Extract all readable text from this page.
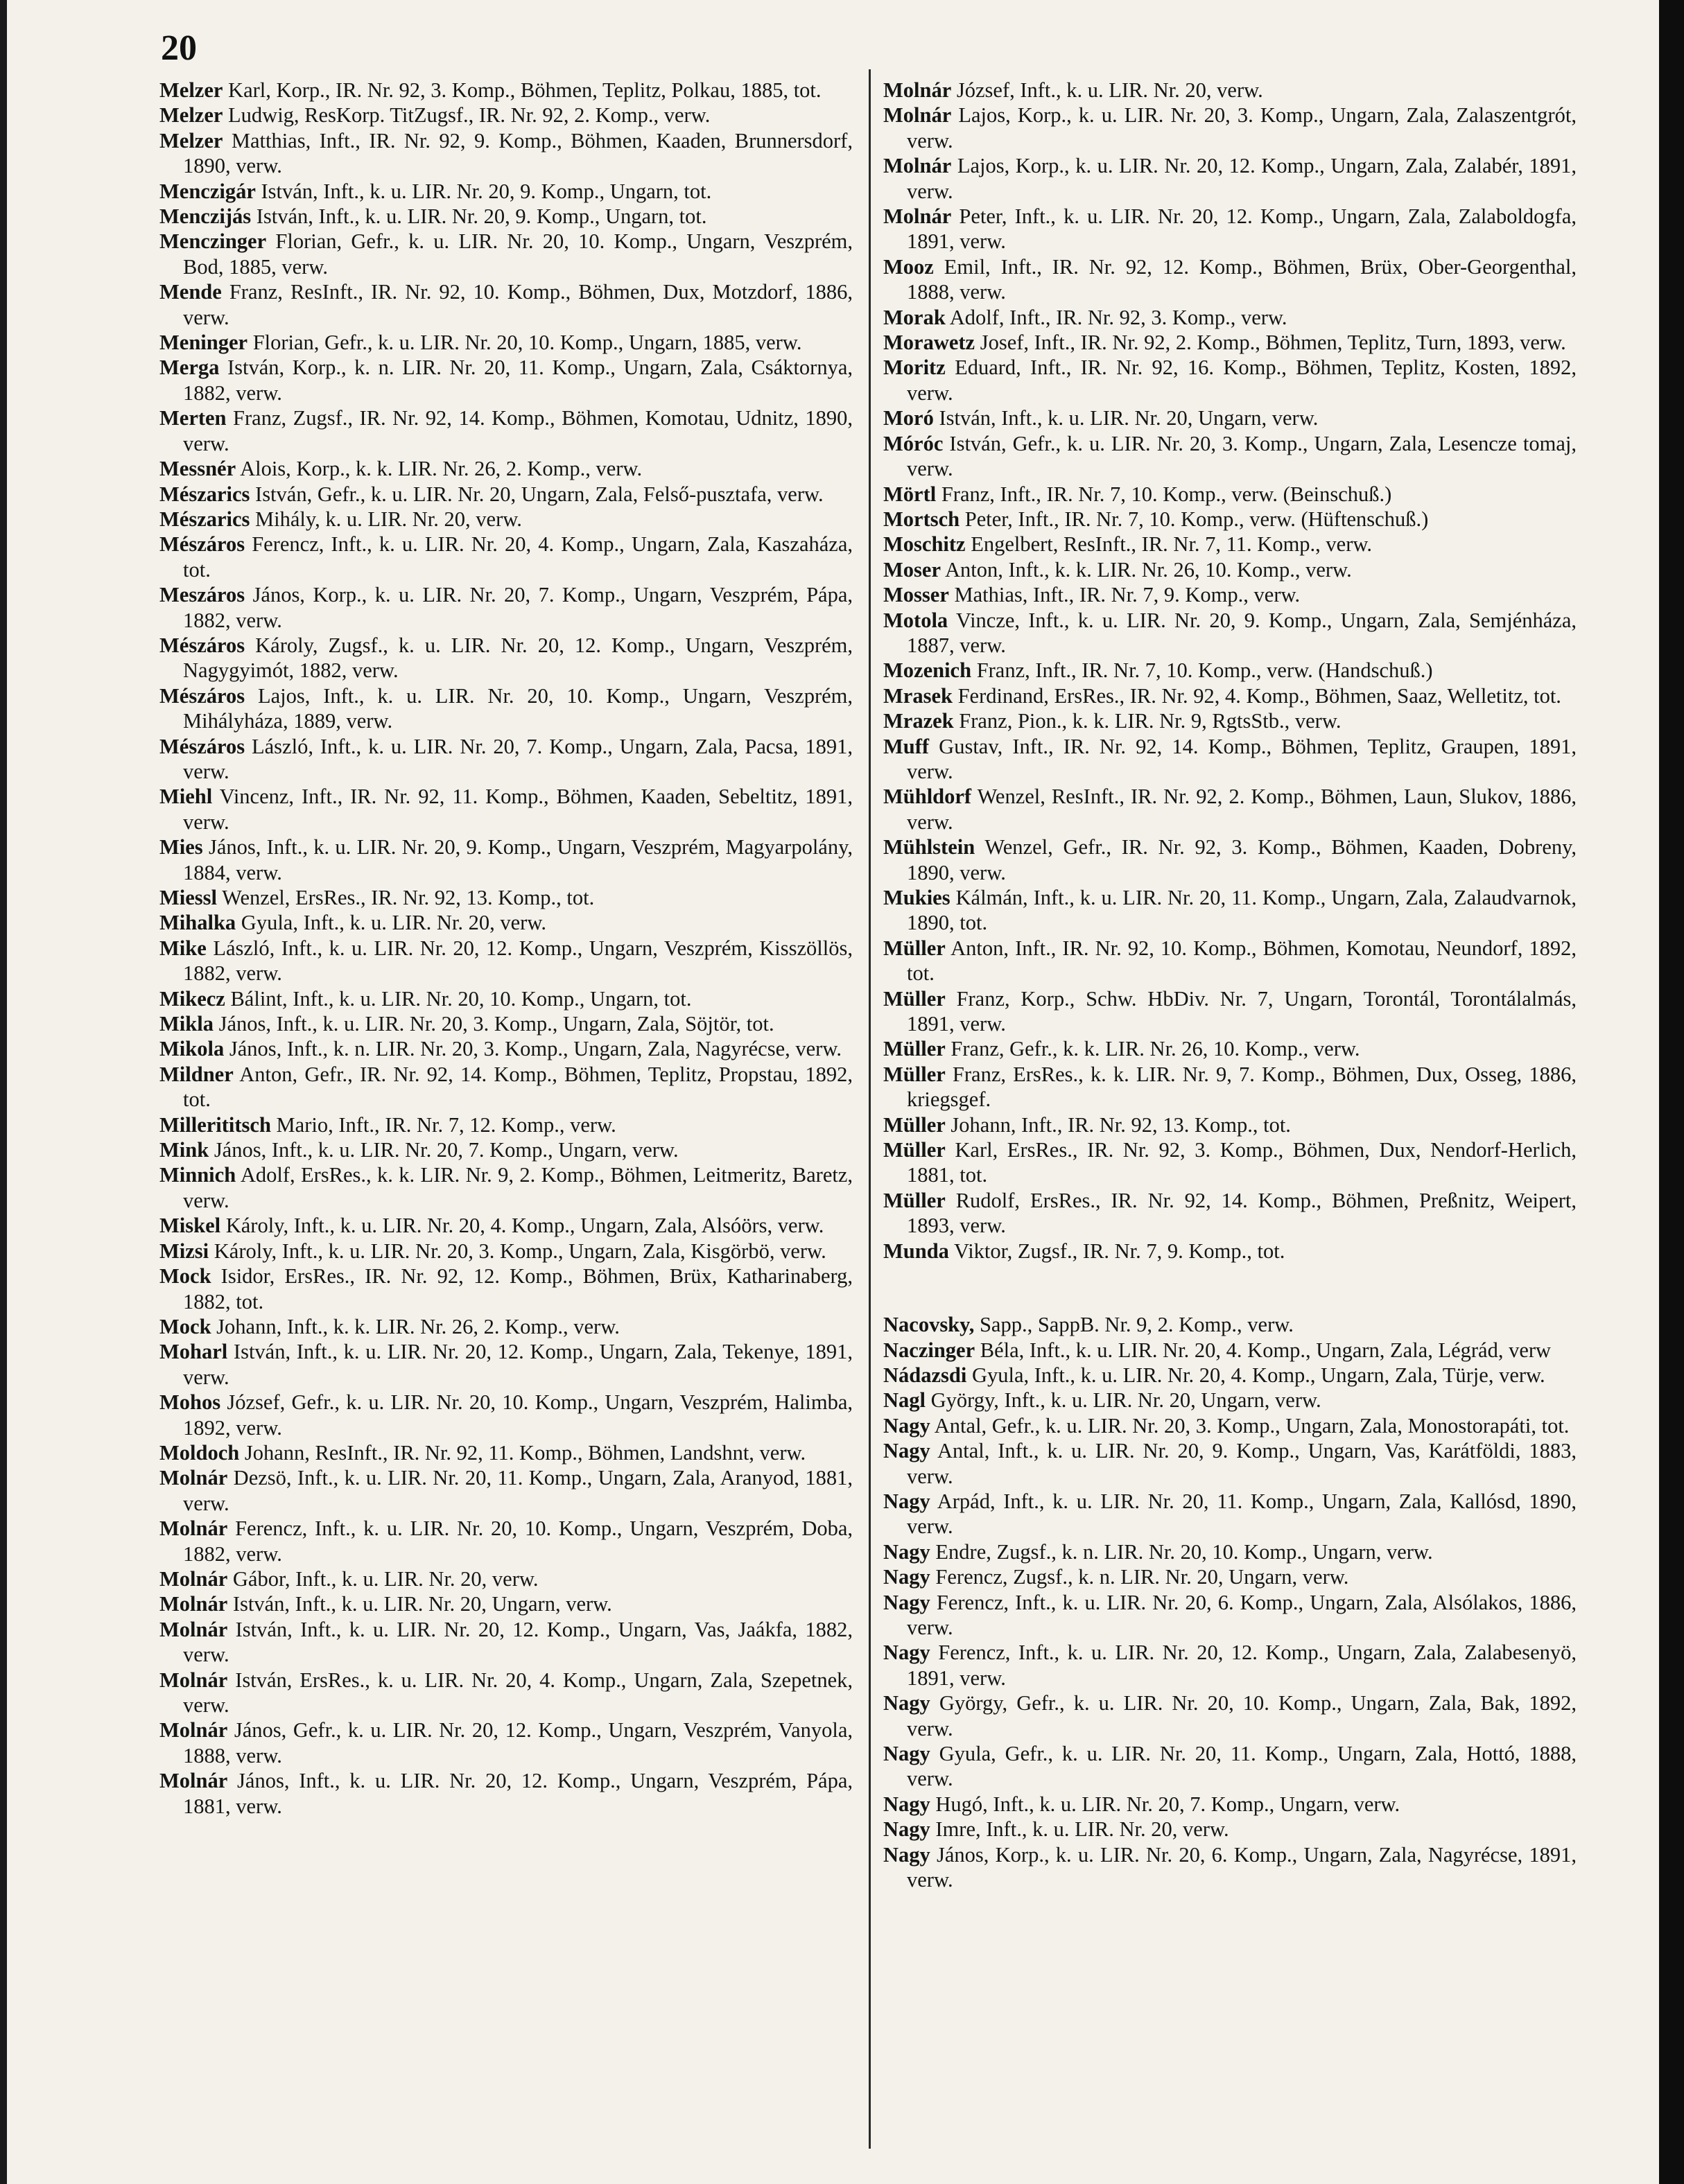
20

Melzer Karl, Korp., IR. Nr. 92, 3. Komp., Böhmen, Teplitz, Polkau, 1885, tot.

Melzer Ludwig, ResKorp. TitZugsf., IR. Nr. 92, 2. Komp., verw.

Melzer Matthias, Inft., IR. Nr. 92, 9. Komp., Böhmen, Kaaden, Brunnersdorf, 1890, verw.

Menczigár István, Inft., k. u. LIR. Nr. 20, 9. Komp., Ungarn, tot.

Menczijás István, Inft., k. u. LIR. Nr. 20, 9. Komp., Ungarn, tot.

Menczinger Florian, Gefr., k. u. LIR. Nr. 20, 10. Komp., Ungarn, Veszprém, Bod, 1885, verw.

Mende Franz, ResInft., IR. Nr. 92, 10. Komp., Böhmen, Dux, Motzdorf, 1886, verw.

Meninger Florian, Gefr., k. u. LIR. Nr. 20, 10. Komp., Ungarn, 1885, verw.

Merga István, Korp., k. n. LIR. Nr. 20, 11. Komp., Ungarn, Zala, Csáktornya, 1882, verw.

Merten Franz, Zugsf., IR. Nr. 92, 14. Komp., Böhmen, Komotau, Udnitz, 1890, verw.

Messnér Alois, Korp., k. k. LIR. Nr. 26, 2. Komp., verw.

Mészarics István, Gefr., k. u. LIR. Nr. 20, Ungarn, Zala, Felső-pusztafa, verw.

Mészarics Mihály, k. u. LIR. Nr. 20, verw.

Mészáros Ferencz, Inft., k. u. LIR. Nr. 20, 4. Komp., Ungarn, Zala, Kaszaháza, tot.

Meszáros János, Korp., k. u. LIR. Nr. 20, 7. Komp., Ungarn, Veszprém, Pápa, 1882, verw.

Mészáros Károly, Zugsf., k. u. LIR. Nr. 20, 12. Komp., Ungarn, Veszprém, Nagygyimót, 1882, verw.

Mészáros Lajos, Inft., k. u. LIR. Nr. 20, 10. Komp., Ungarn, Veszprém, Mihályháza, 1889, verw.

Mészáros László, Inft., k. u. LIR. Nr. 20, 7. Komp., Ungarn, Zala, Pacsa, 1891, verw.

Miehl Vincenz, Inft., IR. Nr. 92, 11. Komp., Böhmen, Kaaden, Sebeltitz, 1891, verw.

Mies János, Inft., k. u. LIR. Nr. 20, 9. Komp., Ungarn, Veszprém, Magyarpolány, 1884, verw.

Miessl Wenzel, ErsRes., IR. Nr. 92, 13. Komp., tot.

Mihalka Gyula, Inft., k. u. LIR. Nr. 20, verw.

Mike László, Inft., k. u. LIR. Nr. 20, 12. Komp., Ungarn, Veszprém, Kisszöllös, 1882, verw.

Mikecz Bálint, Inft., k. u. LIR. Nr. 20, 10. Komp., Ungarn, tot.

Mikla János, Inft., k. u. LIR. Nr. 20, 3. Komp., Ungarn, Zala, Söjtör, tot.

Mikola János, Inft., k. n. LIR. Nr. 20, 3. Komp., Ungarn, Zala, Nagyrécse, verw.

Mildner Anton, Gefr., IR. Nr. 92, 14. Komp., Böhmen, Teplitz, Propstau, 1892, tot.

Millerititsch Mario, Inft., IR. Nr. 7, 12. Komp., verw.

Mink János, Inft., k. u. LIR. Nr. 20, 7. Komp., Ungarn, verw.

Minnich Adolf, ErsRes., k. k. LIR. Nr. 9, 2. Komp., Böhmen, Leitmeritz, Baretz, verw.

Miskel Károly, Inft., k. u. LIR. Nr. 20, 4. Komp., Ungarn, Zala, Alsóörs, verw.

Mizsi Károly, Inft., k. u. LIR. Nr. 20, 3. Komp., Ungarn, Zala, Kisgörbö, verw.

Mock Isidor, ErsRes., IR. Nr. 92, 12. Komp., Böhmen, Brüx, Katharinaberg, 1882, tot.

Mock Johann, Inft., k. k. LIR. Nr. 26, 2. Komp., verw.

Moharl István, Inft., k. u. LIR. Nr. 20, 12. Komp., Ungarn, Zala, Tekenye, 1891, verw.

Mohos József, Gefr., k. u. LIR. Nr. 20, 10. Komp., Ungarn, Veszprém, Halimba, 1892, verw.

Moldoch Johann, ResInft., IR. Nr. 92, 11. Komp., Böhmen, Landshnt, verw.

Molnár Dezsö, Inft., k. u. LIR. Nr. 20, 11. Komp., Ungarn, Zala, Aranyod, 1881, verw.

Molnár Ferencz, Inft., k. u. LIR. Nr. 20, 10. Komp., Ungarn, Veszprém, Doba, 1882, verw.

Molnár Gábor, Inft., k. u. LIR. Nr. 20, verw.

Molnár István, Inft., k. u. LIR. Nr. 20, Ungarn, verw.

Molnár István, Inft., k. u. LIR. Nr. 20, 12. Komp., Ungarn, Vas, Jaákfa, 1882, verw.

Molnár István, ErsRes., k. u. LIR. Nr. 20, 4. Komp., Ungarn, Zala, Szepetnek, verw.

Molnár János, Gefr., k. u. LIR. Nr. 20, 12. Komp., Ungarn, Veszprém, Vanyola, 1888, verw.

Molnár János, Inft., k. u. LIR. Nr. 20, 12. Komp., Ungarn, Veszprém, Pápa, 1881, verw.

Molnár József, Inft., k. u. LIR. Nr. 20, verw.

Molnár Lajos, Korp., k. u. LIR. Nr. 20, 3. Komp., Ungarn, Zala, Zalaszentgrót, verw.

Molnár Lajos, Korp., k. u. LIR. Nr. 20, 12. Komp., Ungarn, Zala, Zalabér, 1891, verw.

Molnár Peter, Inft., k. u. LIR. Nr. 20, 12. Komp., Ungarn, Zala, Zalaboldogfa, 1891, verw.

Mooz Emil, Inft., IR. Nr. 92, 12. Komp., Böhmen, Brüx, Ober-Georgenthal, 1888, verw.

Morak Adolf, Inft., IR. Nr. 92, 3. Komp., verw.

Morawetz Josef, Inft., IR. Nr. 92, 2. Komp., Böhmen, Teplitz, Turn, 1893, verw.

Moritz Eduard, Inft., IR. Nr. 92, 16. Komp., Böhmen, Teplitz, Kosten, 1892, verw.

Moró István, Inft., k. u. LIR. Nr. 20, Ungarn, verw.

Móróc István, Gefr., k. u. LIR. Nr. 20, 3. Komp., Ungarn, Zala, Lesencze tomaj, verw.

Mörtl Franz, Inft., IR. Nr. 7, 10. Komp., verw. (Beinschuß.)

Mortsch Peter, Inft., IR. Nr. 7, 10. Komp., verw. (Hüftenschuß.)

Moschitz Engelbert, ResInft., IR. Nr. 7, 11. Komp., verw.

Moser Anton, Inft., k. k. LIR. Nr. 26, 10. Komp., verw.

Mosser Mathias, Inft., IR. Nr. 7, 9. Komp., verw.

Motola Vincze, Inft., k. u. LIR. Nr. 20, 9. Komp., Ungarn, Zala, Semjénháza, 1887, verw.

Mozenich Franz, Inft., IR. Nr. 7, 10. Komp., verw. (Handschuß.)

Mrasek Ferdinand, ErsRes., IR. Nr. 92, 4. Komp., Böhmen, Saaz, Welletitz, tot.

Mrazek Franz, Pion., k. k. LIR. Nr. 9, RgtsStb., verw.

Muff Gustav, Inft., IR. Nr. 92, 14. Komp., Böhmen, Teplitz, Graupen, 1891, verw.

Mühldorf Wenzel, ResInft., IR. Nr. 92, 2. Komp., Böhmen, Laun, Slukov, 1886, verw.

Mühlstein Wenzel, Gefr., IR. Nr. 92, 3. Komp., Böhmen, Kaaden, Dobreny, 1890, verw.

Mukies Kálmán, Inft., k. u. LIR. Nr. 20, 11. Komp., Ungarn, Zala, Zalaudvarnok, 1890, tot.

Müller Anton, Inft., IR. Nr. 92, 10. Komp., Böhmen, Komotau, Neundorf, 1892, tot.

Müller Franz, Korp., Schw. HbDiv. Nr. 7, Ungarn, Torontál, Torontálalmás, 1891, verw.

Müller Franz, Gefr., k. k. LIR. Nr. 26, 10. Komp., verw.

Müller Franz, ErsRes., k. k. LIR. Nr. 9, 7. Komp., Böhmen, Dux, Osseg, 1886, kriegsgef.

Müller Johann, Inft., IR. Nr. 92, 13. Komp., tot.

Müller Karl, ErsRes., IR. Nr. 92, 3. Komp., Böhmen, Dux, Nendorf-Herlich, 1881, tot.

Müller Rudolf, ErsRes., IR. Nr. 92, 14. Komp., Böhmen, Preßnitz, Weipert, 1893, verw.

Munda Viktor, Zugsf., IR. Nr. 7, 9. Komp., tot.

Nacovsky, Sapp., SappB. Nr. 9, 2. Komp., verw.

Naczinger Béla, Inft., k. u. LIR. Nr. 20, 4. Komp., Ungarn, Zala, Légrád, verw

Nádazsdi Gyula, Inft., k. u. LIR. Nr. 20, 4. Komp., Ungarn, Zala, Türje, verw.

Nagl György, Inft., k. u. LIR. Nr. 20, Ungarn, verw.

Nagy Antal, Gefr., k. u. LIR. Nr. 20, 3. Komp., Ungarn, Zala, Monostorapáti, tot.

Nagy Antal, Inft., k. u. LIR. Nr. 20, 9. Komp., Ungarn, Vas, Karátföldi, 1883, verw.

Nagy Arpád, Inft., k. u. LIR. Nr. 20, 11. Komp., Ungarn, Zala, Kallósd, 1890, verw.

Nagy Endre, Zugsf., k. n. LIR. Nr. 20, 10. Komp., Ungarn, verw.

Nagy Ferencz, Zugsf., k. n. LIR. Nr. 20, Ungarn, verw.

Nagy Ferencz, Inft., k. u. LIR. Nr. 20, 6. Komp., Ungarn, Zala, Alsólakos, 1886, verw.

Nagy Ferencz, Inft., k. u. LIR. Nr. 20, 12. Komp., Ungarn, Zala, Zalabesenyö, 1891, verw.

Nagy György, Gefr., k. u. LIR. Nr. 20, 10. Komp., Ungarn, Zala, Bak, 1892, verw.

Nagy Gyula, Gefr., k. u. LIR. Nr. 20, 11. Komp., Ungarn, Zala, Hottó, 1888, verw.

Nagy Hugó, Inft., k. u. LIR. Nr. 20, 7. Komp., Ungarn, verw.

Nagy Imre, Inft., k. u. LIR. Nr. 20, verw.

Nagy János, Korp., k. u. LIR. Nr. 20, 6. Komp., Ungarn, Zala, Nagyrécse, 1891, verw.
